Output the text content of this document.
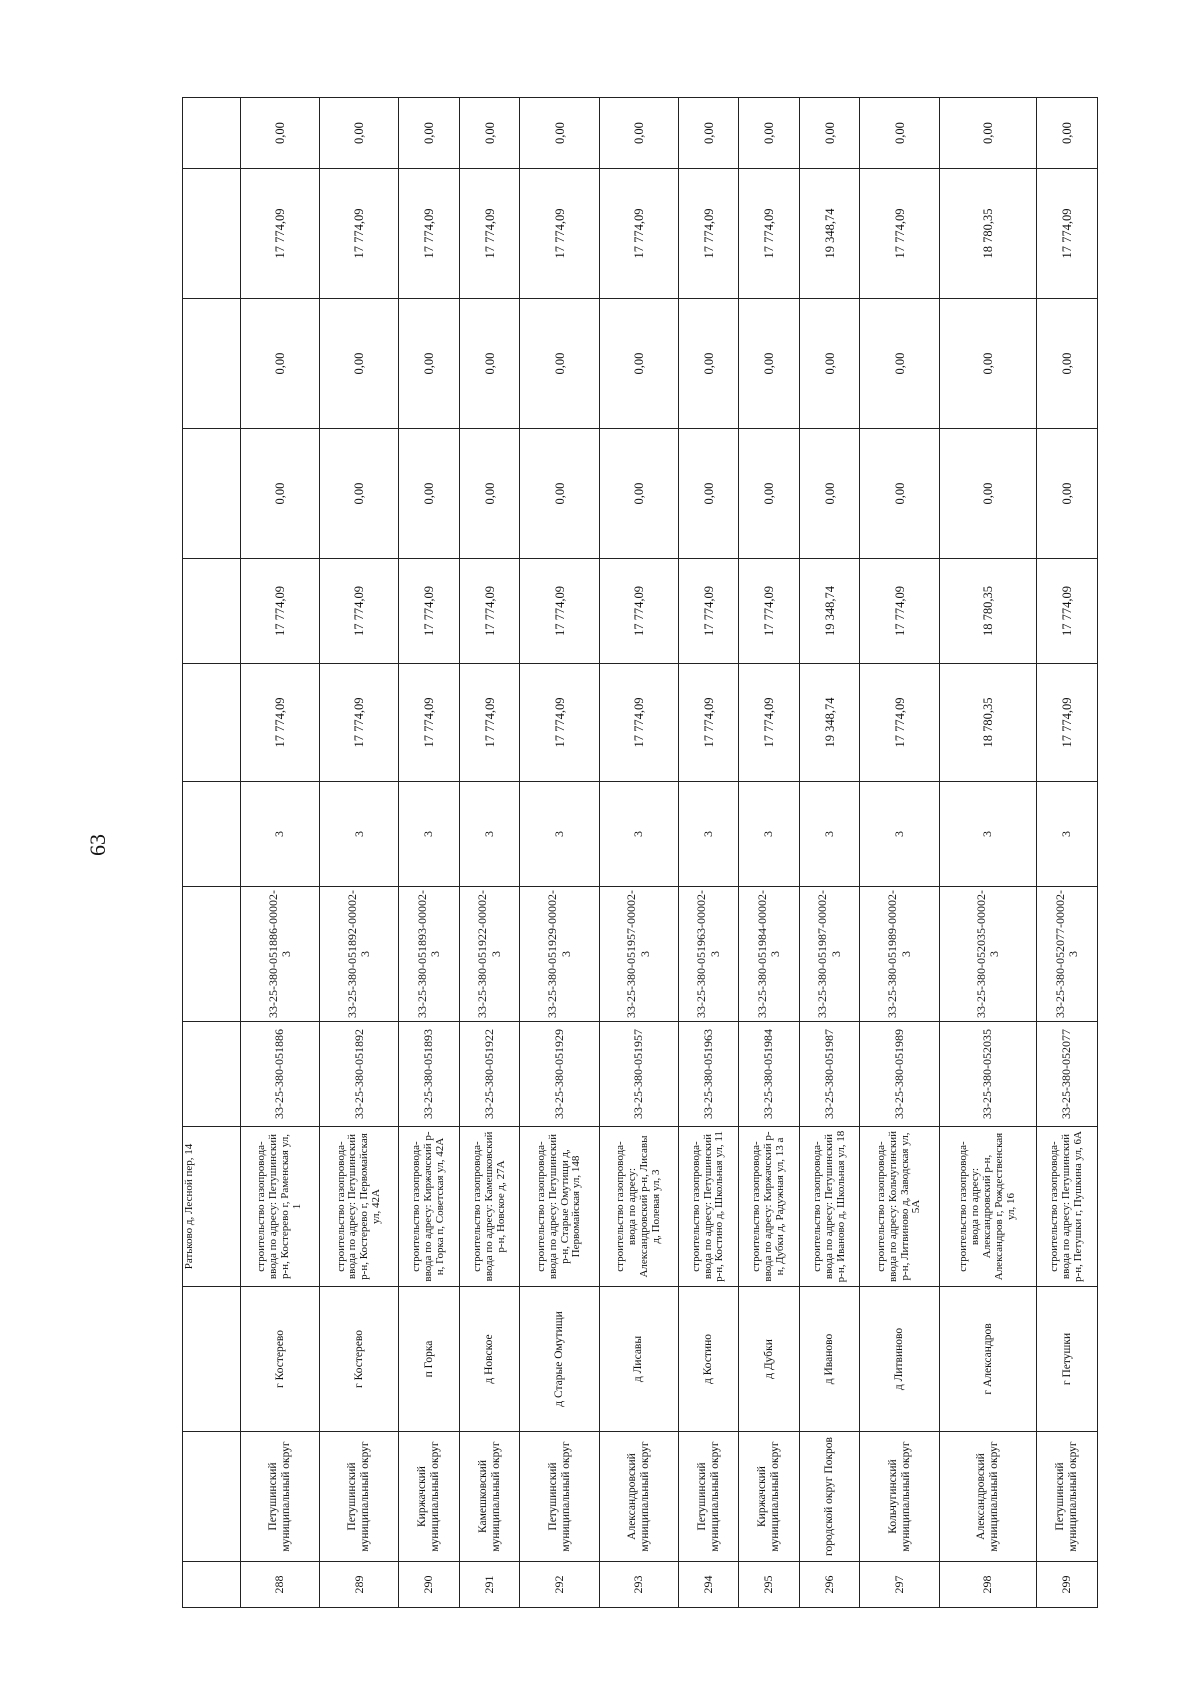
63
			Ратьково д, Лесной пер, 14									
288	Петушинский муниципальный округ	г Костерево	строительство газопровода-ввода по адресу: Петушинский р-н, Костерево г, Раменская ул, 1	33-25-380-051886	33-25-380-051886-00002-3	3	17 774,09	17 774,09	0,00	0,00	17 774,09	0,00
289	Петушинский муниципальный округ	г Костерево	строительство газопровода-ввода по адресу: Петушинский р-н, Костерево г, Первомайская ул, 42А	33-25-380-051892	33-25-380-051892-00002-3	3	17 774,09	17 774,09	0,00	0,00	17 774,09	0,00
290	Киржачский муниципальный округ	п Горка	строительство газопровода-ввода по адресу: Киржачский р-н, Горка п, Советская ул, 42А	33-25-380-051893	33-25-380-051893-00002-3	3	17 774,09	17 774,09	0,00	0,00	17 774,09	0,00
291	Камешковский муниципальный округ	д Новское	строительство газопровода-ввода по адресу: Камешковский р-н, Новское д, 27А	33-25-380-051922	33-25-380-051922-00002-3	3	17 774,09	17 774,09	0,00	0,00	17 774,09	0,00
292	Петушинский муниципальный округ	д Старые Омутищи	строительство газопровода-ввода по адресу: Петушинский р-н, Старые Омутищи д, Первомайская ул, 148	33-25-380-051929	33-25-380-051929-00002-3	3	17 774,09	17 774,09	0,00	0,00	17 774,09	0,00
293	Александровский муниципальный округ	д Лисавы	строительство газопровода-ввода по адресу: Александровский р-н, Лисавы д, Полевая ул, 3	33-25-380-051957	33-25-380-051957-00002-3	3	17 774,09	17 774,09	0,00	0,00	17 774,09	0,00
294	Петушинский муниципальный округ	д Костино	строительство газопровода-ввода по адресу: Петушинский р-н, Костино д, Школьная ул, 11	33-25-380-051963	33-25-380-051963-00002-3	3	17 774,09	17 774,09	0,00	0,00	17 774,09	0,00
295	Киржачский муниципальный округ	д Дубки	строительство газопровода-ввода по адресу: Киржачский р-н, Дубки д, Радужная ул, 13 а	33-25-380-051984	33-25-380-051984-00002-3	3	17 774,09	17 774,09	0,00	0,00	17 774,09	0,00
296	городской округ Покров	д Иваново	строительство газопровода-ввода по адресу: Петушинский р-н, Иваново д, Школьная ул, 18	33-25-380-051987	33-25-380-051987-00002-3	3	19 348,74	19 348,74	0,00	0,00	19 348,74	0,00
297	Кольчугинский муниципальный округ	д Литвиново	строительство газопровода-ввода по адресу: Кольчугинский р-н, Литвиново д, Заводская ул, 5А	33-25-380-051989	33-25-380-051989-00002-3	3	17 774,09	17 774,09	0,00	0,00	17 774,09	0,00
298	Александровский муниципальный округ	г Александров	строительство газопровода-ввода по адресу: Александровский р-н, Александров г, Рождественская ул, 16	33-25-380-052035	33-25-380-052035-00002-3	3	18 780,35	18 780,35	0,00	0,00	18 780,35	0,00
299	Петушинский муниципальный округ	г Петушки	строительство газопровода-ввода по адресу: Петушинский р-н, Петушки г, Пушкина ул, 6А	33-25-380-052077	33-25-380-052077-00002-3	3	17 774,09	17 774,09	0,00	0,00	17 774,09	0,00
